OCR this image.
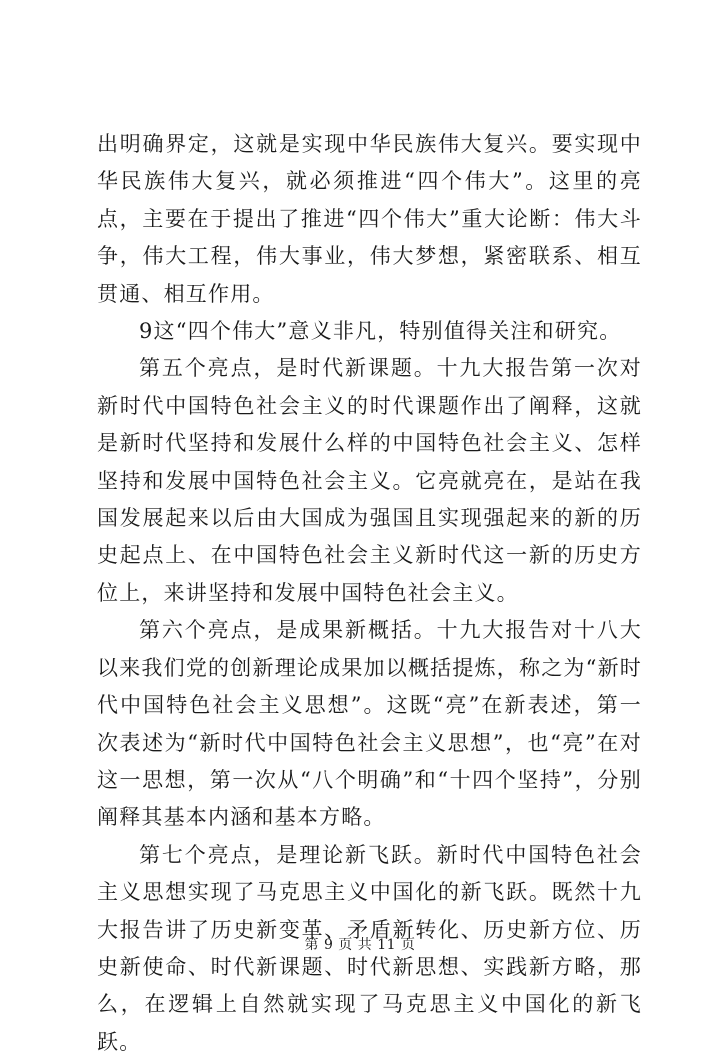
出明确界定，这就是实现中华民族伟大复兴。要实现中华民族伟大复兴，就必须推进“四个伟大”。这里的亮点，主要在于提出了推进“四个伟大”重大论断：伟大斗争，伟大工程，伟大事业，伟大梦想，紧密联系、相互贯通、相互作用。

9这“四个伟大”意义非凡，特别值得关注和研究。

第五个亮点，是时代新课题。十九大报告第一次对新时代中国特色社会主义的时代课题作出了阐释，这就是新时代坚持和发展什么样的中国特色社会主义、怎样坚持和发展中国特色社会主义。它亮就亮在，是站在我国发展起来以后由大国成为强国且实现强起来的新的历史起点上、在中国特色社会主义新时代这一新的历史方位上，来讲坚持和发展中国特色社会主义。

第六个亮点，是成果新概括。十九大报告对十八大以来我们党的创新理论成果加以概括提炼，称之为“新时代中国特色社会主义思想”。这既“亮”在新表述，第一次表述为“新时代中国特色社会主义思想”，也“亮”在对这一思想，第一次从“八个明确”和“十四个坚持”，分别阐释其基本内涵和基本方略。

第七个亮点，是理论新飞跃。新时代中国特色社会主义思想实现了马克思主义中国化的新飞跃。既然十九大报告讲了历史新变革、矛盾新转化、历史新方位、历史新使命、时代新课题、时代新思想、实践新方略，那么，在逻辑上自然就实现了马克思主义中国化的新飞跃。

第 9 页 共 11 页
